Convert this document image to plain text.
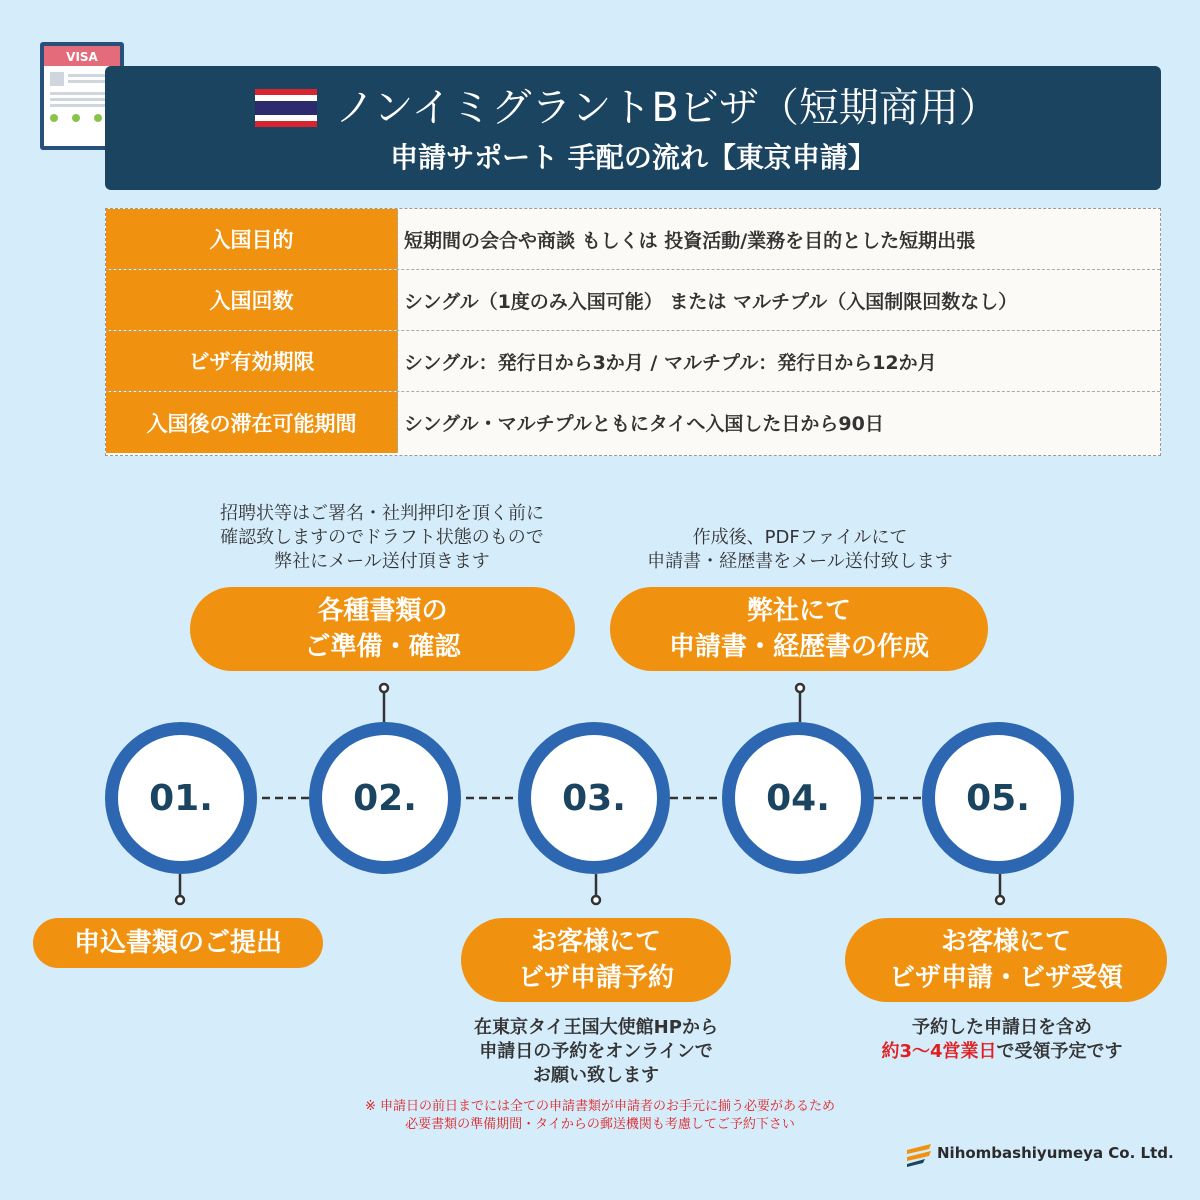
VISA
ノンイミグラントBビザ（短期商用）
申請サポート 手配の流れ【東京申請】
入国目的	短期間の会合や商談 もしくは 投資活動/業務を目的とした短期出張
入国回数	シングル（1度のみ入国可能） または マルチプル（入国制限回数なし）
ビザ有効期限	シングル：発行日から3か月 / マルチプル：発行日から12か月
入国後の滞在可能期間	シングル・マルチプルともにタイへ入国した日から90日
01.	02.	03.	04.	05.
招聘状等はご署名・社判押印を頂く前に
確認致しますのでドラフト状態のもので
弊社にメール送付頂きます
各種書類の
ご準備・確認
作成後、PDFファイルにて
申請書・経歴書をメール送付致します
弊社にて
申請書・経歴書の作成
申込書類のご提出	お客様にて
ビザ申請予約
在東京タイ王国大使館HPから
申請日の予約をオンラインで
お願い致します
お客様にて
ビザ申請・ビザ受領
予約した申請日を含め
約3〜4営業日で受領予定です
※ 申請日の前日までには全ての申請書類が申請者のお手元に揃う必要があるため
必要書類の準備期間・タイからの郵送機関も考慮してご予約下さい
Nihombashiyumeya Co. Ltd.
